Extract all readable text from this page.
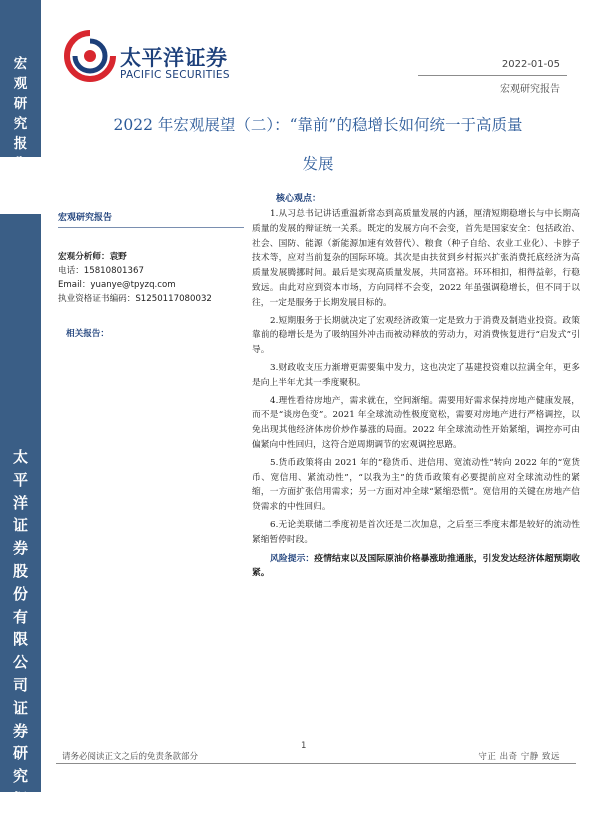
宏
观
研
究
报
告
太
平
洋
证
券
股
份
有
限
公
司
证
券
研
究
报
告
太平洋证券
PACIFIC SECURITIES
2022-01-05
宏观研究报告
2022 年宏观展望（二）：“靠前”的稳增长如何统一于高质量
发展
宏观研究报告
宏观分析师：袁野
电话：15810801367
Email：yuanye@tpyzq.com
执业资格证书编码：S1250117080032
相关报告：
核心观点：

1.从习总书记讲话重温新常态到高质量发展的内涵，厘清短期稳增长与中长期高质量的发展的辩证统一关系。既定的发展方向不会变，首先是国家安全：包括政治、社会、国防、能源（新能源加速有效替代）、粮食（种子自给、农业工业化）、卡脖子技术等，应对当前复杂的国际环境。其次是由扶贫到乡村振兴扩张消费托底经济为高质量发展腾挪时间。最后是实现高质量发展，共同富裕。环环相扣，相得益彰，行稳致远。由此对应到资本市场，方向同样不会变，2022 年虽强调稳增长，但不同于以往，一定是服务于长期发展目标的。

2.短期服务于长期就决定了宏观经济政策一定是致力于消费及制造业投资。政策靠前的稳增长是为了吸纳国外冲击而被动释放的劳动力，对消费恢复进行“启发式”引导。

3.财政收支压力渐增更需要集中发力，这也决定了基建投资难以拉满全年，更多是向上半年尤其一季度聚积。

4.理性看待房地产，需求就在，空间渐缩。需要用好需求保持房地产健康发展，而不是“谈房色变”。2021 年全球流动性极度宽松，需要对房地产进行严格调控，以免出现其他经济体房价炒作暴涨的局面。2022 年全球流动性开始紧缩，调控亦可由偏紧向中性回归，这符合逆周期调节的宏观调控思路。

5.货币政策将由 2021 年的“稳货币、进信用、宽流动性”转向 2022 年的“宽货币、宽信用、紧流动性”，“以我为主”的货币政策有必要提前应对全球流动性的紧缩，一方面扩张信用需求；另一方面对冲全球“紧缩恐慌”。宽信用的关键在房地产信贷需求的中性回归。

6.无论美联储二季度初是首次还是二次加息，之后至三季度末都是较好的流动性紧缩暂停时段。

风险提示：疫情结束以及国际原油价格暴涨助推通胀，引发发达经济体超预期收紧。

1
请务必阅读正文之后的免责条款部分	守正 出奇 宁静 致远
